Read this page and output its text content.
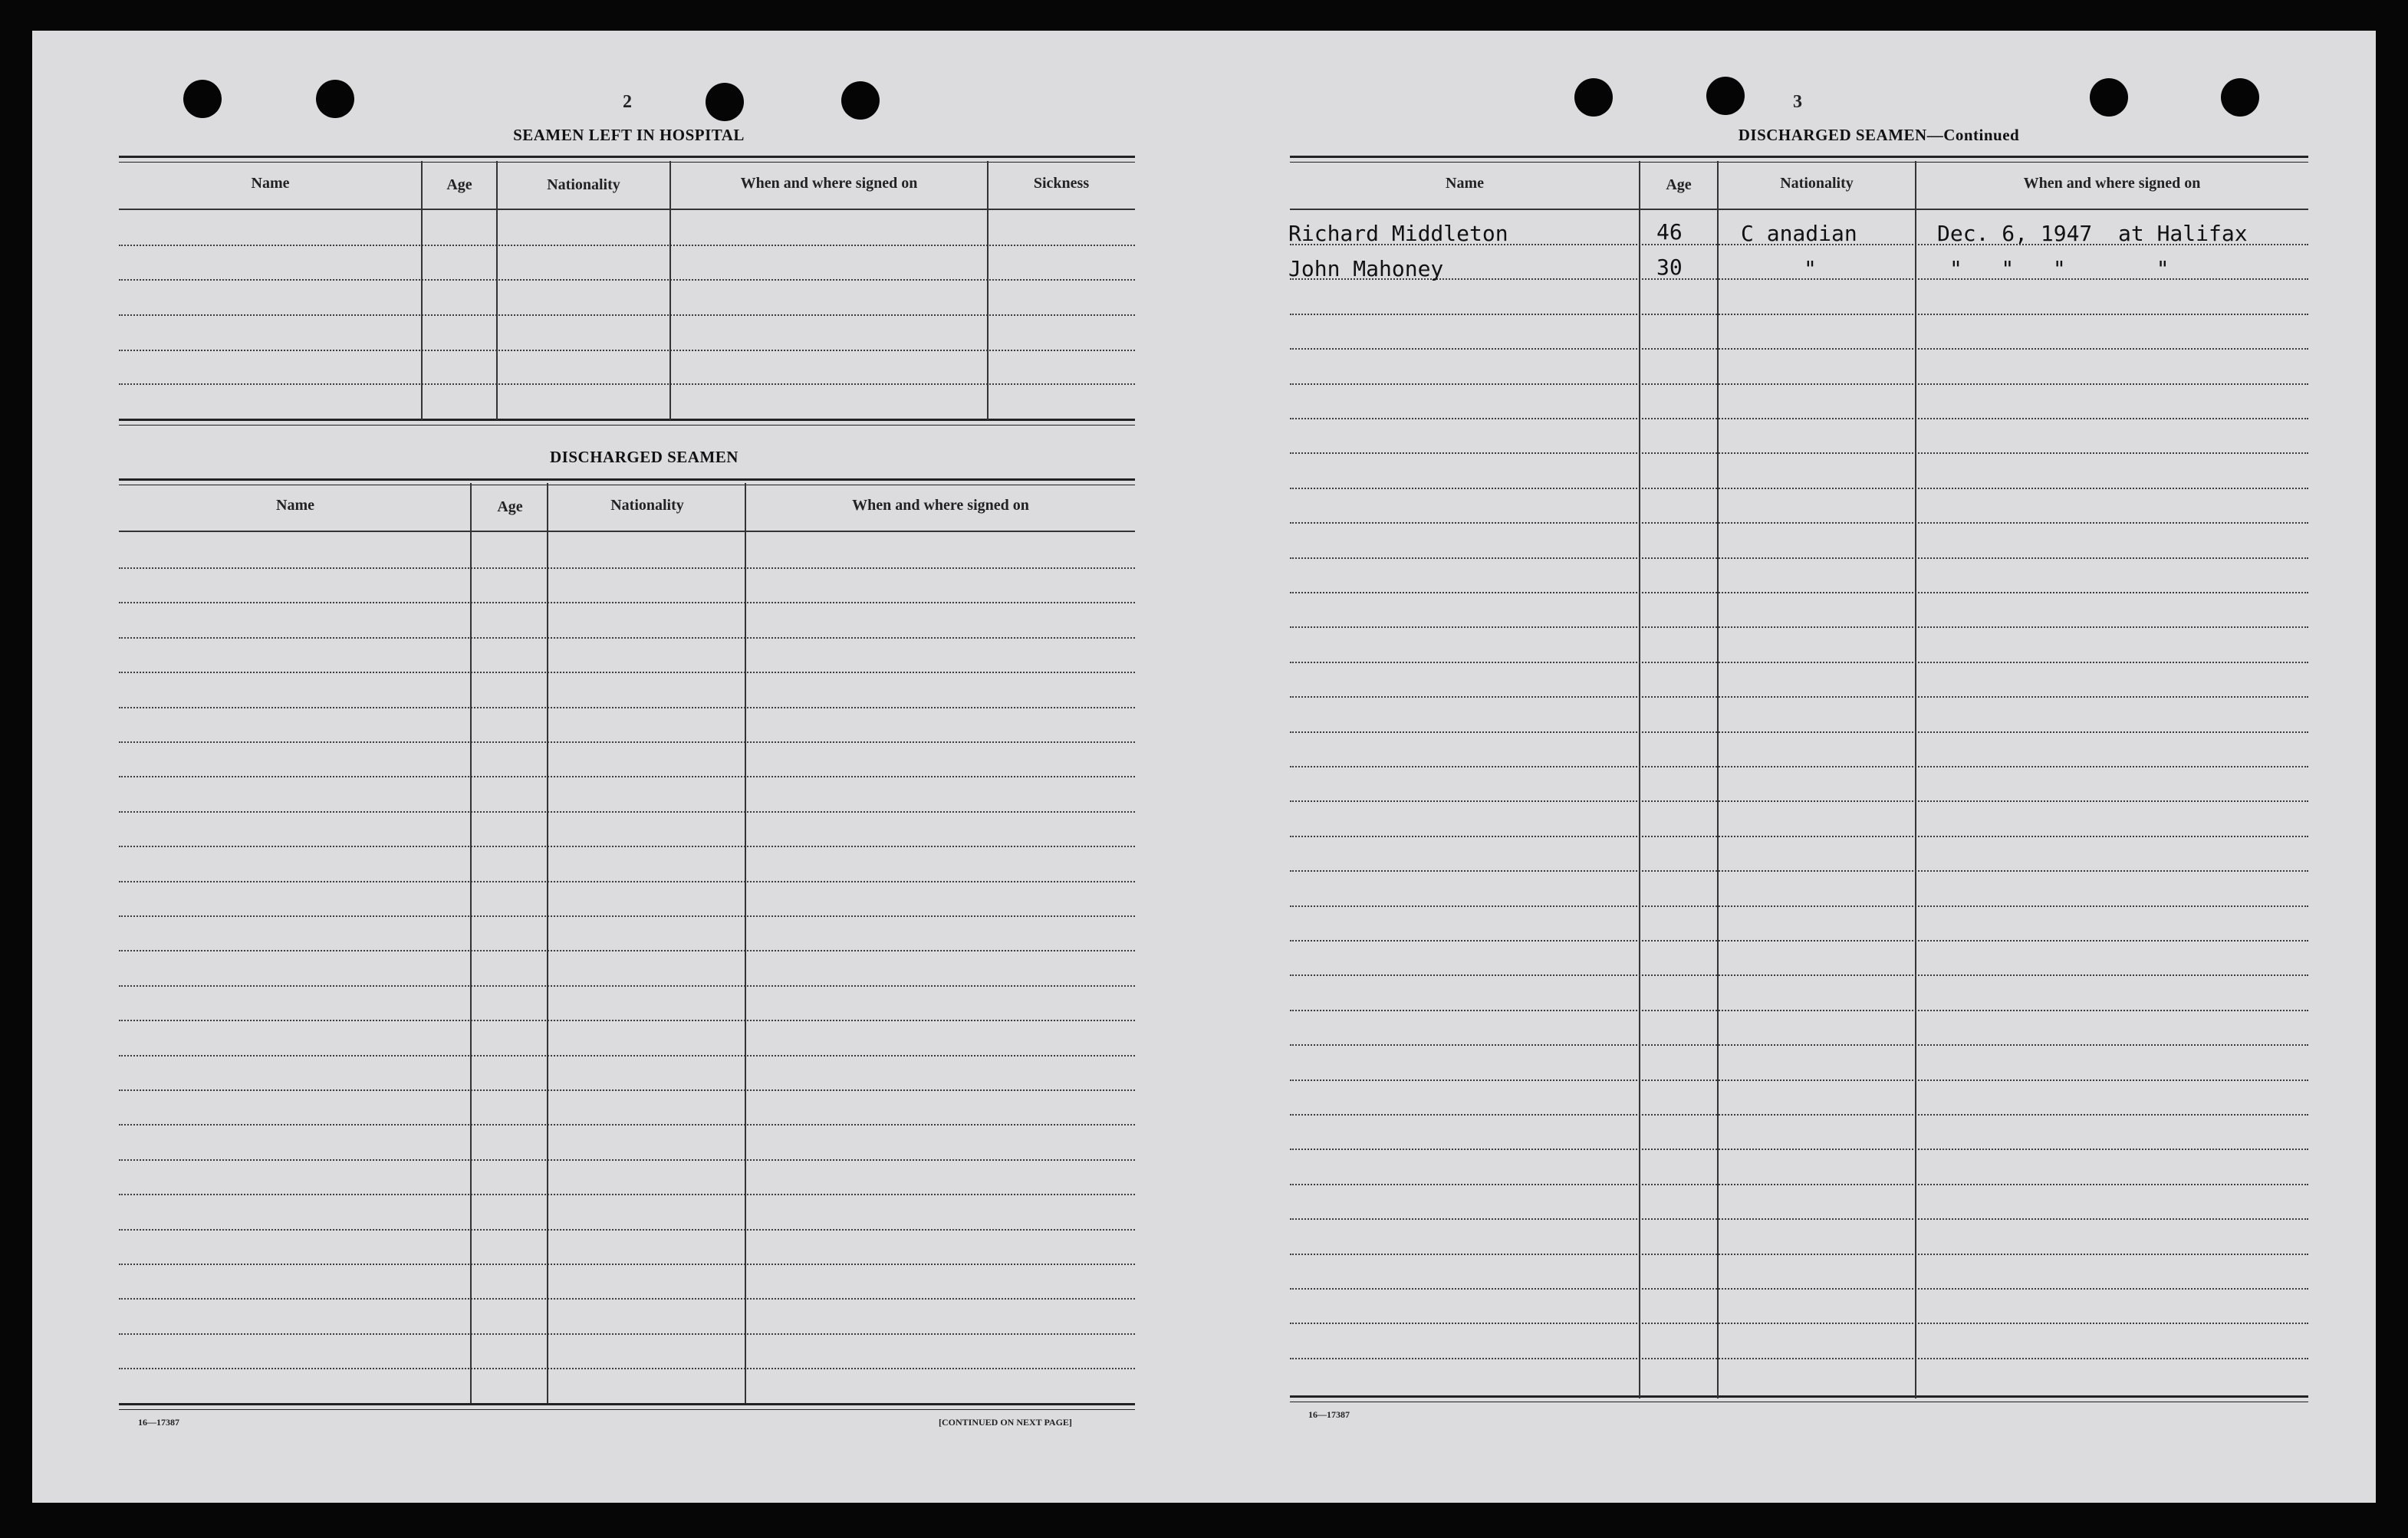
2
SEAMEN LEFT IN HOSPITAL
Name	Age	Nationality	When and where signed on	Sickness
DISCHARGED SEAMEN
Name	Age	Nationality	When and where signed on
16—17387	[CONTINUED ON NEXT PAGE]
3
DISCHARGED SEAMEN—Continued
Name	Age	Nationality	When and where signed on
Richard Middleton	46	C anadian	Dec. 6, 1947  at Halifax
John Mahoney	30	"	"   "   "       "
16—17387
